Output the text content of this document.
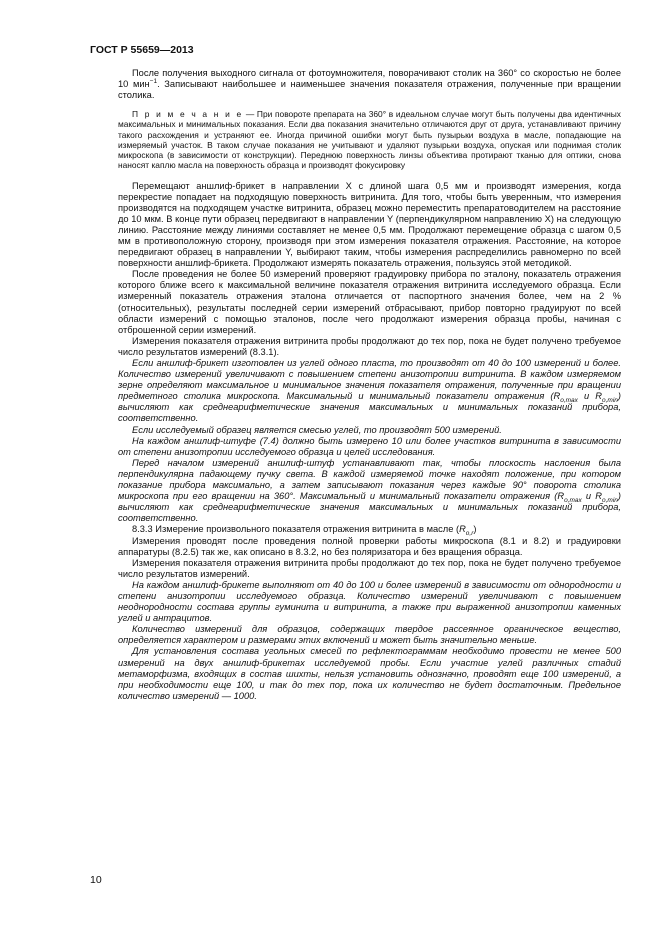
ГОСТ Р 55659—2013

После получения выходного сигнала от фотоумножителя, поворачивают столик на 360° со скоростью не более 10 мин$^{-1}$. Записывают наибольшее и наименьшее значения показателя отражения, полученные при вращении столика.

П р и м е ч а н и е — При повороте препарата на 360° в идеальном случае могут быть получены два идентичных максимальных и минимальных показания. Если два показания значительно отличаются друг от друга, устанавливают причину такого расхождения и устраняют ее. Иногда причиной ошибки могут быть пузырьки воздуха в масле, попадающие на измеряемый участок. В таком случае показания не учитывают и удаляют пузырьки воздуха, опуская или поднимая столик микроскопа (в зависимости от конструкции). Переднюю поверхность линзы объектива протирают тканью для оптики, снова наносят каплю масла на поверхность образца и производят фокусировку

Перемещают аншлиф-брикет в направлении X с длиной шага 0,5 мм и производят измерения, когда перекрестие попадает на подходящую поверхность витринита. Для того, чтобы быть уверенным, что измерения производятся на подходящем участке витринита, образец можно переместить препаратоводителем на расстояние до 10 мкм. В конце пути образец передвигают в направлении Y (перпендикулярном направлению X) на следующую линию. Расстояние между линиями составляет не менее 0,5 мм. Продолжают перемещение образца с шагом 0,5 мм в противоположную сторону, производя при этом измерения показателя отражения. Расстояние, на которое передвигают образец в направлении Y, выбирают таким, чтобы измерения распределились равномерно по всей поверхности аншлиф-брикета. Продолжают измерять показатель отражения, пользуясь этой методикой.

После проведения не более 50 измерений проверяют градуировку прибора по эталону, показатель отражения которого ближе всего к максимальной величине показателя отражения витринита исследуемого образца. Если измеренный показатель отражения эталона отличается от паспортного значения более, чем на 2 % (относительных), результаты последней серии измерений отбрасывают, прибор повторно градуируют по всей области измерений с помощью эталонов, после чего продолжают измерения образца пробы, начиная с отброшенной серии измерений.

Измерения показателя отражения витринита пробы продолжают до тех пор, пока не будет получено требуемое число результатов измерений (8.3.1).

Если аншлиф-брикет изготовлен из углей одного пласта, то производят от 40 до 100 измерений и более. Количество измерений увеличивают с повышением степени анизотропии витринита. В каждом измеряемом зерне определяют максимальное и минимальное значения показателя отражения, полученные при вращении предметного столика микроскопа. Максимальный и минимальный показатели отражения ($R_{o,max}$ и $R_{o,min}$) вычисляют как среднеарифметические значения максимальных и минимальных показаний прибора, соответственно.

Если исследуемый образец является смесью углей, то производят 500 измерений.

На каждом аншлиф-штуфе (7.4) должно быть измерено 10 или более участков витринита в зависимости от степени анизотропии исследуемого образца и целей исследования.

Перед началом измерений аншлиф-штуф устанавливают так, чтобы плоскость наслоения была перпендикулярна падающему пучку света. В каждой измеряемой точке находят положение, при котором показание прибора максимально, а затем записывают показания через каждые 90° поворота столика микроскопа при его вращении на 360°. Максимальный и минимальный показатели отражения ($R_{o,max}$ и $R_{o,min}$) вычисляют как среднеарифметические значения максимальных и минимальных показаний прибора, соответственно.

8.3.3 Измерение произвольного показателя отражения витринита в масле $(R_{o,r})$

Измерения проводят после проведения полной проверки работы микроскопа (8.1 и 8.2) и градуировки аппаратуры (8.2.5) так же, как описано в 8.3.2, но без поляризатора и без вращения образца.

Измерения показателя отражения витринита пробы продолжают до тех пор, пока не будет получено требуемое число результатов измерений.

На каждом аншлиф-брикете выполняют от 40 до 100 и более измерений в зависимости от однородности и степени анизотропии исследуемого образца. Количество измерений увеличивают с повышением неоднородности состава группы гуминита и витринита, а также при выраженной анизотропии каменных углей и антрацитов.

Количество измерений для образцов, содержащих твердое рассеянное органическое вещество, определяется характером и размерами этих включений и может быть значительно меньше.

Для установления состава угольных смесей по рефлектограммам необходимо провести не менее 500 измерений на двух аншлиф-брикетах исследуемой пробы. Если участие углей различных стадий метаморфизма, входящих в состав шихты, нельзя установить однозначно, проводят еще 100 измерений, а при необходимости еще 100, и так до тех пор, пока их количество не будет достаточным. Предельное количество измерений — 1000.

10
